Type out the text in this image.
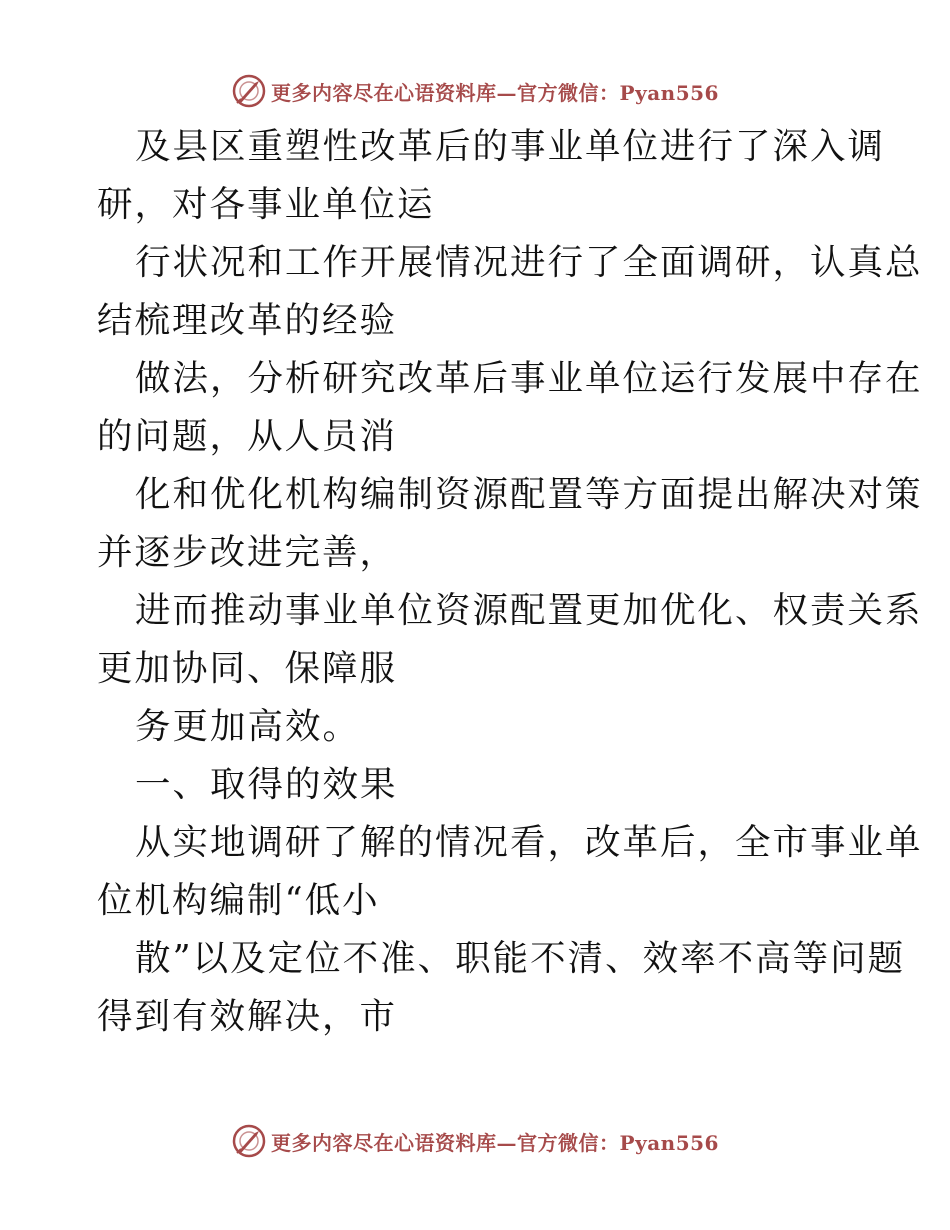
更多内容尽在心语资料库—官方微信：Pyan556
及县区重塑性改革后的事业单位进行了深入调
研，对各事业单位运
行状况和工作开展情况进行了全面调研，认真总
结梳理改革的经验
做法，分析研究改革后事业单位运行发展中存在
的问题，从人员消
化和优化机构编制资源配置等方面提出解决对策
并逐步改进完善，
进而推动事业单位资源配置更加优化、权责关系
更加协同、保障服
务更加高效。
一、取得的效果
从实地调研了解的情况看，改革后，全市事业单
位机构编制“低小
散”以及定位不准、职能不清、效率不高等问题
得到有效解决，市
更多内容尽在心语资料库—官方微信：Pyan556
